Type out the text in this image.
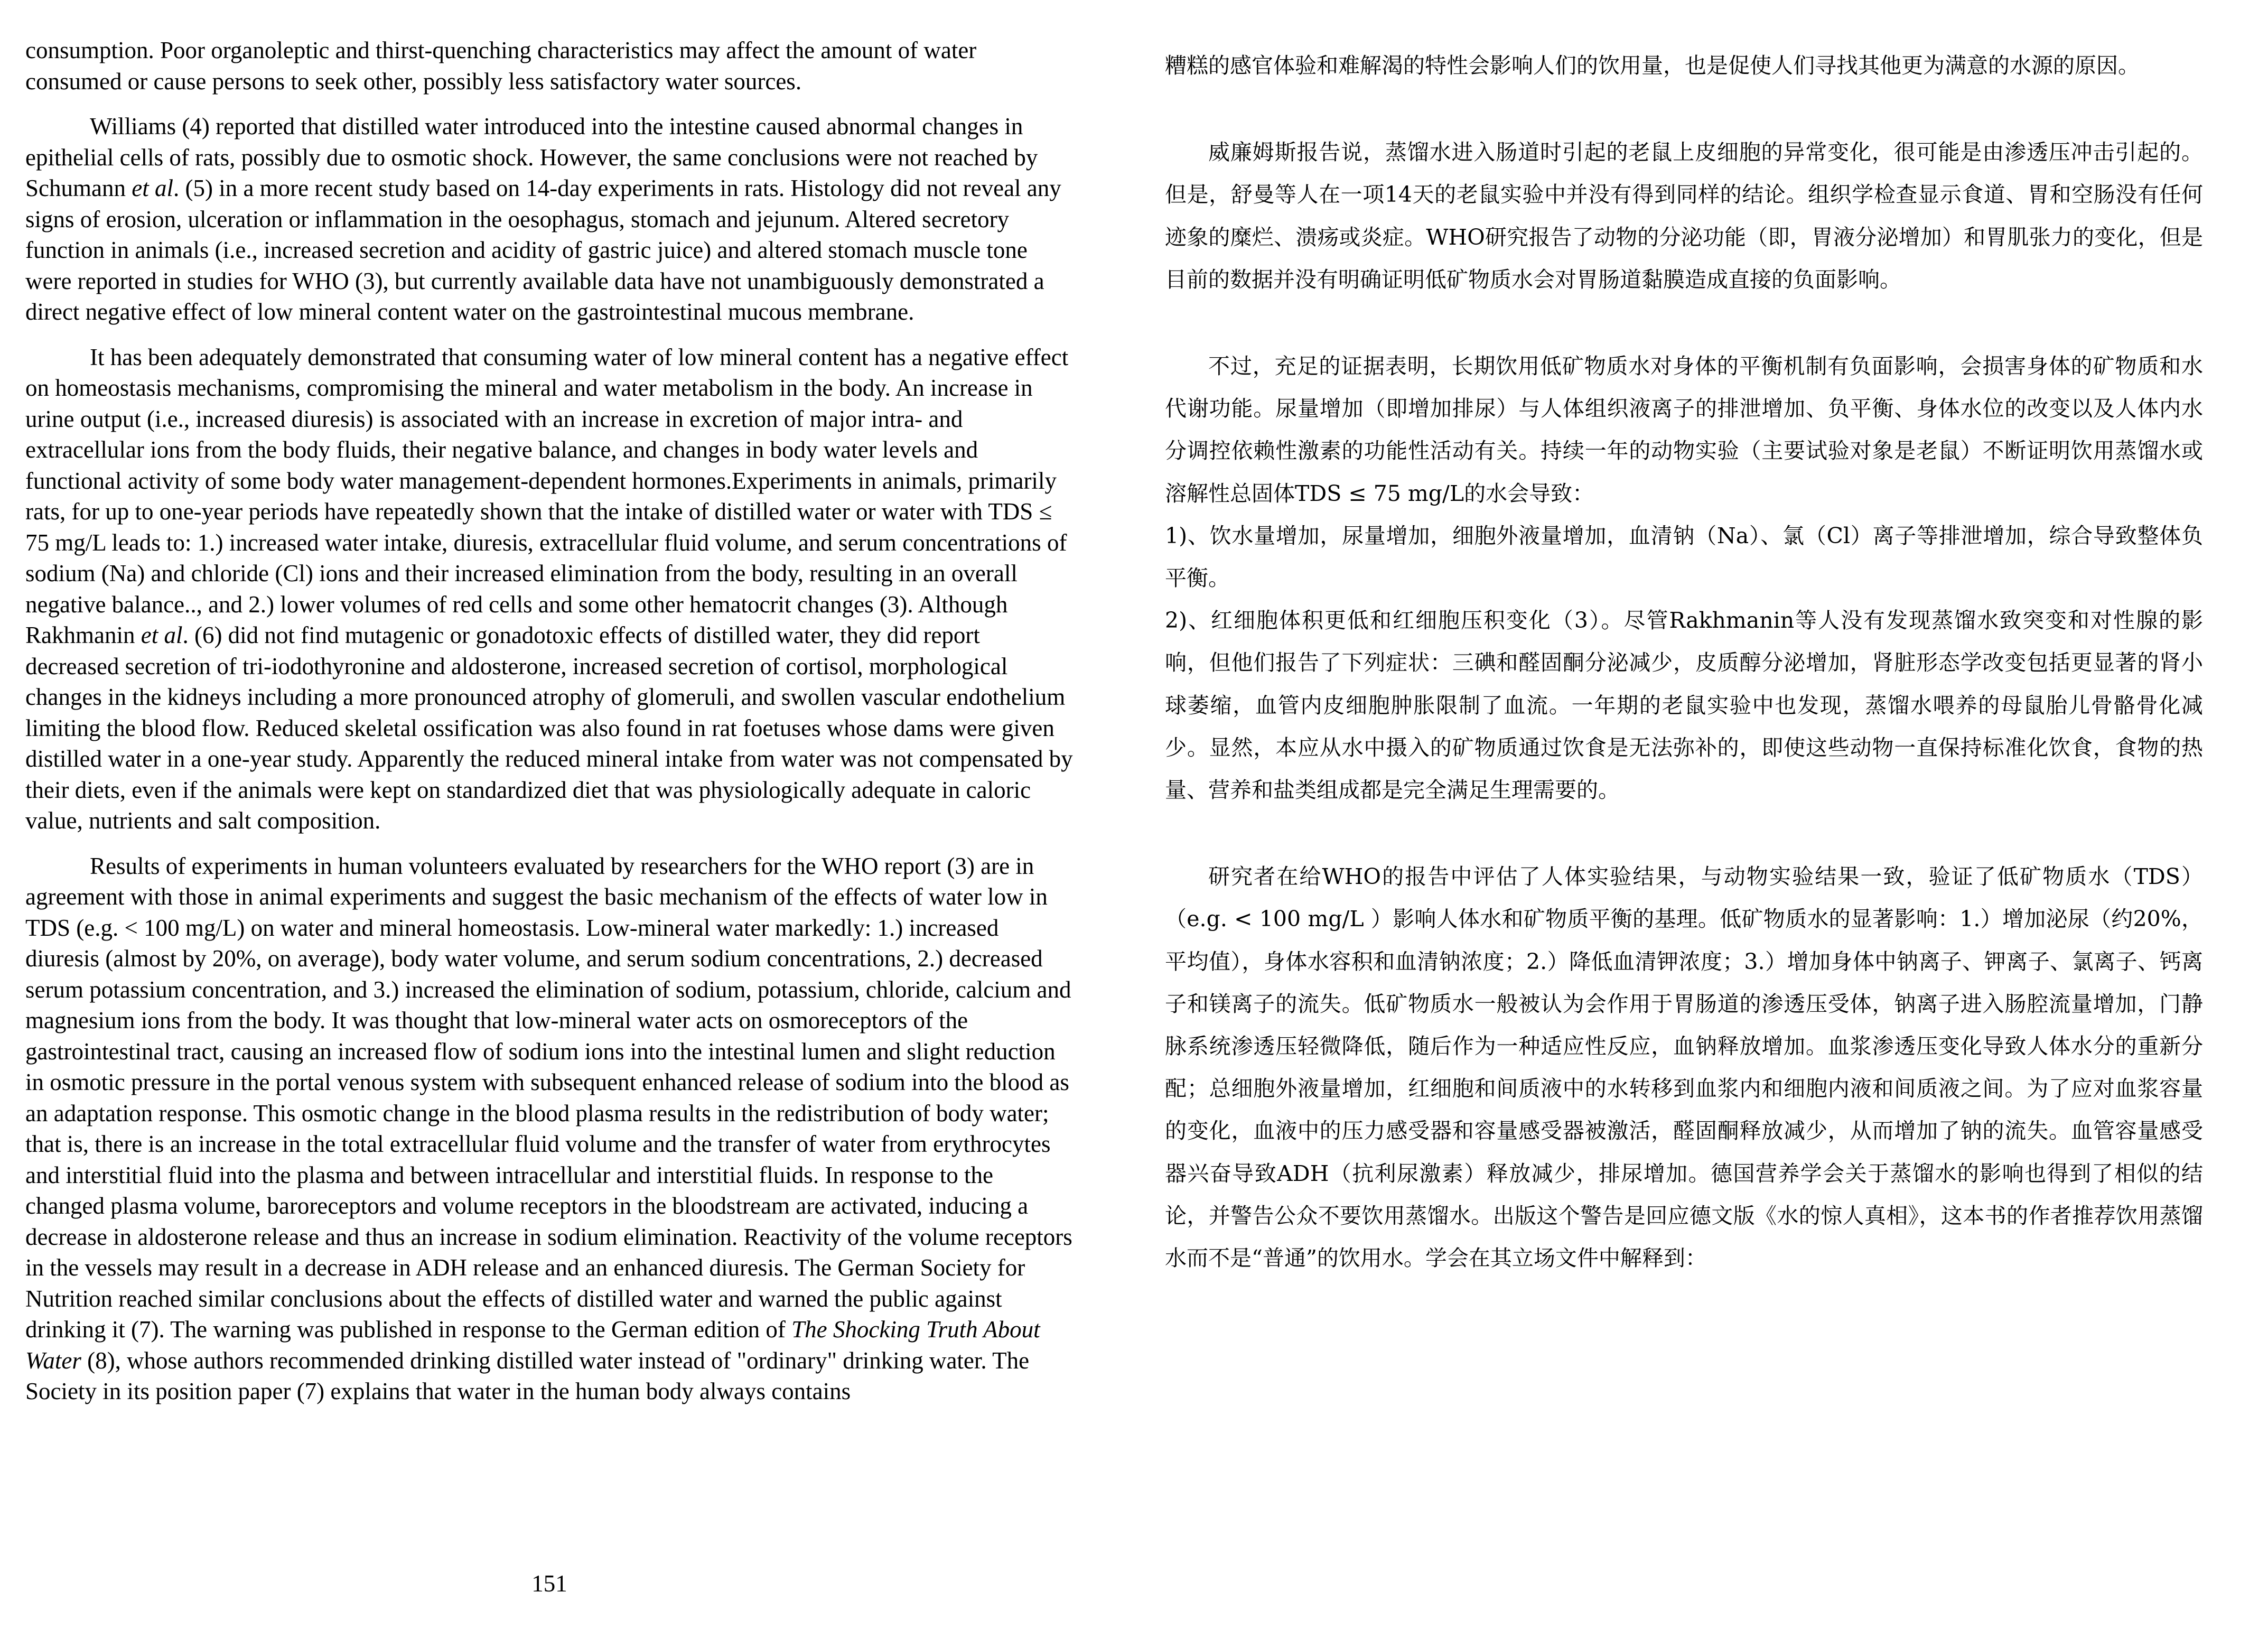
consumption. Poor organoleptic and thirst-quenching characteristics may affect the amount of water consumed or cause persons to seek other, possibly less satisfactory water sources.

Williams (4) reported that distilled water introduced into the intestine caused abnormal changes in epithelial cells of rats, possibly due to osmotic shock. However, the same conclusions were not reached by Schumann et al. (5) in a more recent study based on 14-day experiments in rats. Histology did not reveal any signs of erosion, ulceration or inflammation in the oesophagus, stomach and jejunum. Altered secretory function in animals (i.e., increased secretion and acidity of gastric juice) and altered stomach muscle tone were reported in studies for WHO (3), but currently available data have not unambiguously demonstrated a direct negative effect of low mineral content water on the gastrointestinal mucous membrane.

It has been adequately demonstrated that consuming water of low mineral content has a negative effect on homeostasis mechanisms, compromising the mineral and water metabolism in the body. An increase in urine output (i.e., increased diuresis) is associated with an increase in excretion of major intra- and extracellular ions from the body fluids, their negative balance, and changes in body water levels and functional activity of some body water management-dependent hormones.Experiments in animals, primarily rats, for up to one-year periods have repeatedly shown that the intake of distilled water or water with TDS ≤ 75 mg/L leads to: 1.) increased water intake, diuresis, extracellular fluid volume, and serum concentrations of sodium (Na) and chloride (Cl) ions and their increased elimination from the body, resulting in an overall negative balance.., and 2.) lower volumes of red cells and some other hematocrit changes (3). Although Rakhmanin et al. (6) did not find mutagenic or gonadotoxic effects of distilled water, they did report decreased secretion of tri-iodothyronine and aldosterone, increased secretion of cortisol, morphological changes in the kidneys including a more pronounced atrophy of glomeruli, and swollen vascular endothelium limiting the blood flow. Reduced skeletal ossification was also found in rat foetuses whose dams were given distilled water in a one-year study. Apparently the reduced mineral intake from water was not compensated by their diets, even if the animals were kept on standardized diet that was physiologically adequate in caloric value, nutrients and salt composition.

Results of experiments in human volunteers evaluated by researchers for the WHO report (3) are in agreement with those in animal experiments and suggest the basic mechanism of the effects of water low in TDS (e.g. < 100 mg/L) on water and mineral homeostasis. Low-mineral water markedly: 1.) increased diuresis (almost by 20%, on average), body water volume, and serum sodium concentrations, 2.) decreased serum potassium concentration, and 3.) increased the elimination of sodium, potassium, chloride, calcium and magnesium ions from the body. It was thought that low-mineral water acts on osmoreceptors of the gastrointestinal tract, causing an increased flow of sodium ions into the intestinal lumen and slight reduction in osmotic pressure in the portal venous system with subsequent enhanced release of sodium into the blood as an adaptation response. This osmotic change in the blood plasma results in the redistribution of body water; that is, there is an increase in the total extracellular fluid volume and the transfer of water from erythrocytes and interstitial fluid into the plasma and between intracellular and interstitial fluids. In response to the changed plasma volume, baroreceptors and volume receptors in the bloodstream are activated, inducing a decrease in aldosterone release and thus an increase in sodium elimination. Reactivity of the volume receptors in the vessels may result in a decrease in ADH release and an enhanced diuresis. The German Society for Nutrition reached similar conclusions about the effects of distilled water and warned the public against drinking it (7). The warning was published in response to the German edition of The Shocking Truth About Water (8), whose authors recommended drinking distilled water instead of "ordinary" drinking water. The Society in its position paper (7) explains that water in the human body always contains

151

糟糕的感官体验和难解渴的特性会影响人们的饮用量，也是促使人们寻找其他更为满意的水源的原因。

威廉姆斯报告说，蒸馏水进入肠道时引起的老鼠上皮细胞的异常变化，很可能是由渗透压冲击引起的。但是，舒曼等人在一项14天的老鼠实验中并没有得到同样的结论。组织学检查显示食道、胃和空肠没有任何迹象的糜烂、溃疡或炎症。WHO研究报告了动物的分泌功能（即，胃液分泌增加）和胃肌张力的变化，但是目前的数据并没有明确证明低矿物质水会对胃肠道黏膜造成直接的负面影响。

不过，充足的证据表明，长期饮用低矿物质水对身体的平衡机制有负面影响，会损害身体的矿物质和水代谢功能。尿量增加（即增加排尿）与人体组织液离子的排泄增加、负平衡、身体水位的改变以及人体内水分调控依赖性激素的功能性活动有关。持续一年的动物实验（主要试验对象是老鼠）不断证明饮用蒸馏水或溶解性总固体TDS ≤ 75 mg/L的水会导致：

1)、饮水量增加，尿量增加，细胞外液量增加，血清钠（Na）、氯（Cl）离子等排泄增加，综合导致整体负平衡。

2)、红细胞体积更低和红细胞压积变化（3）。尽管Rakhmanin等人没有发现蒸馏水致突变和对性腺的影响，但他们报告了下列症状：三碘和醛固酮分泌减少，皮质醇分泌增加，肾脏形态学改变包括更显著的肾小球萎缩，血管内皮细胞肿胀限制了血流。一年期的老鼠实验中也发现，蒸馏水喂养的母鼠胎儿骨骼骨化减少。显然，本应从水中摄入的矿物质通过饮食是无法弥补的，即使这些动物一直保持标准化饮食，食物的热量、营养和盐类组成都是完全满足生理需要的。

研究者在给WHO的报告中评估了人体实验结果，与动物实验结果一致，验证了低矿物质水（TDS）（e.g. < 100 mg/L ）影响人体水和矿物质平衡的基理。低矿物质水的显著影响：1.）增加泌尿（约20%，平均值），身体水容积和血清钠浓度；2.）降低血清钾浓度；3.）增加身体中钠离子、钾离子、氯离子、钙离子和镁离子的流失。低矿物质水一般被认为会作用于胃肠道的渗透压受体，钠离子进入肠腔流量增加，门静脉系统渗透压轻微降低，随后作为一种适应性反应，血钠释放增加。血浆渗透压变化导致人体水分的重新分配；总细胞外液量增加，红细胞和间质液中的水转移到血浆内和细胞内液和间质液之间。为了应对血浆容量的变化，血液中的压力感受器和容量感受器被激活，醛固酮释放减少，从而增加了钠的流失。血管容量感受器兴奋导致ADH（抗利尿激素）释放减少，排尿增加。德国营养学会关于蒸馏水的影响也得到了相似的结论，并警告公众不要饮用蒸馏水。出版这个警告是回应德文版《水的惊人真相》，这本书的作者推荐饮用蒸馏水而不是“普通”的饮用水。学会在其立场文件中解释到：
